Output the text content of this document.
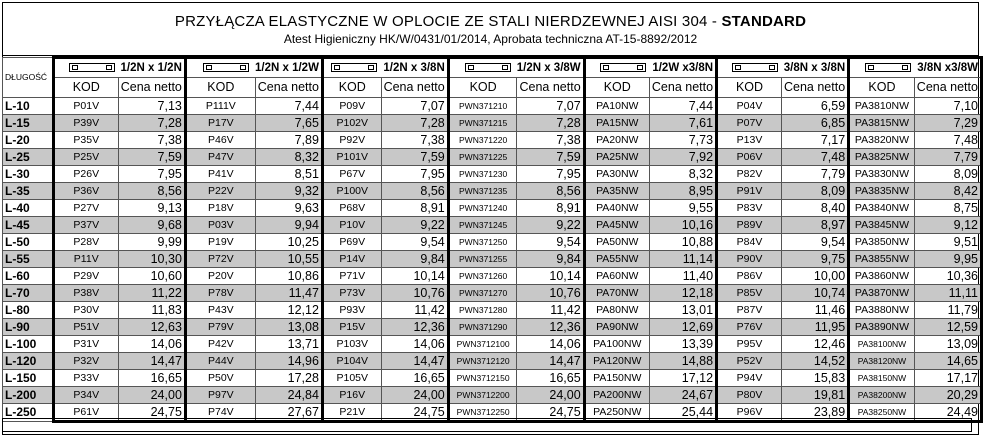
PRZYŁĄCZA ELASTYCZNE W OPLOCIE ZE STALI NIERDZEWNEJ AISI 304 - STANDARD
Atest Higieniczny HK/W/0431/01/2014, Aprobata techniczna AT-15-8892/2012
DŁUGOŚĆ	1/2N x 1/2N		1/2N x 1/2W		1/2N x 3/8N		1/2N x 3/8W		1/2W x3/8N		3/8N x 3/8N		3/8N x3/8W	
	KOD	Cena netto	KOD	Cena netto	KOD	Cena netto	KOD	Cena netto	KOD	Cena netto	KOD	Cena netto	KOD	Cena netto
L-10	P01V	7,13	P111V	7,44	P09V	7,07	PWN371210	7,07	PA10NW	7,44	P04V	6,59	PA3810NW	7,10
L-15	P39V	7,28	P17V	7,65	P102V	7,28	PWN371215	7,28	PA15NW	7,61	P07V	6,85	PA3815NW	7,29
L-20	P35V	7,38	P46V	7,89	P92V	7,38	PWN371220	7,38	PA20NW	7,73	P13V	7,17	PA3820NW	7,48
L-25	P25V	7,59	P47V	8,32	P101V	7,59	PWN371225	7,59	PA25NW	7,92	P06V	7,48	PA3825NW	7,79
L-30	P26V	7,95	P41V	8,51	P67V	7,95	PWN371230	7,95	PA30NW	8,32	P82V	7,79	PA3830NW	8,09
L-35	P36V	8,56	P22V	9,32	P100V	8,56	PWN371235	8,56	PA35NW	8,95	P91V	8,09	PA3835NW	8,42
L-40	P27V	9,13	P18V	9,63	P68V	8,91	PWN371240	8,91	PA40NW	9,55	P83V	8,40	PA3840NW	8,75
L-45	P37V	9,68	P03V	9,94	P10V	9,22	PWN371245	9,22	PA45NW	10,16	P89V	8,97	PA3845NW	9,12
L-50	P28V	9,99	P19V	10,25	P69V	9,54	PWN371250	9,54	PA50NW	10,88	P84V	9,54	PA3850NW	9,51
L-55	P11V	10,30	P72V	10,55	P14V	9,84	PWN371255	9,84	PA55NW	11,14	P90V	9,75	PA3855NW	9,95
L-60	P29V	10,60	P20V	10,86	P71V	10,14	PWN371260	10,14	PA60NW	11,40	P86V	10,00	PA3860NW	10,36
L-70	P38V	11,22	P78V	11,47	P73V	10,76	PWN371270	10,76	PA70NW	12,18	P85V	10,74	PA3870NW	11,11
L-80	P30V	11,83	P43V	12,12	P93V	11,42	PWN371280	11,42	PA80NW	13,01	P87V	11,46	PA3880NW	11,79
L-90	P51V	12,63	P79V	13,08	P15V	12,36	PWN371290	12,36	PA90NW	12,69	P76V	11,95	PA3890NW	12,59
L-100	P31V	14,06	P42V	13,71	P103V	14,06	PWN3712100	14,06	PA100NW	13,39	P95V	12,46	PA38100NW	13,09
L-120	P32V	14,47	P44V	14,96	P104V	14,47	PWN3712120	14,47	PA120NW	14,88	P52V	14,52	PA38120NW	14,65
L-150	P33V	16,65	P50V	17,28	P105V	16,65	PWN3712150	16,65	PA150NW	17,12	P94V	15,83	PA38150NW	17,17
L-200	P34V	24,00	P97V	24,84	P16V	24,00	PWN3712200	24,00	PA200NW	24,67	P80V	19,81	PA38200NW	20,29
L-250	P61V	24,75	P74V	27,67	P21V	24,75	PWN3712250	24,75	PA250NW	25,44	P96V	23,89	PA38250NW	24,49
